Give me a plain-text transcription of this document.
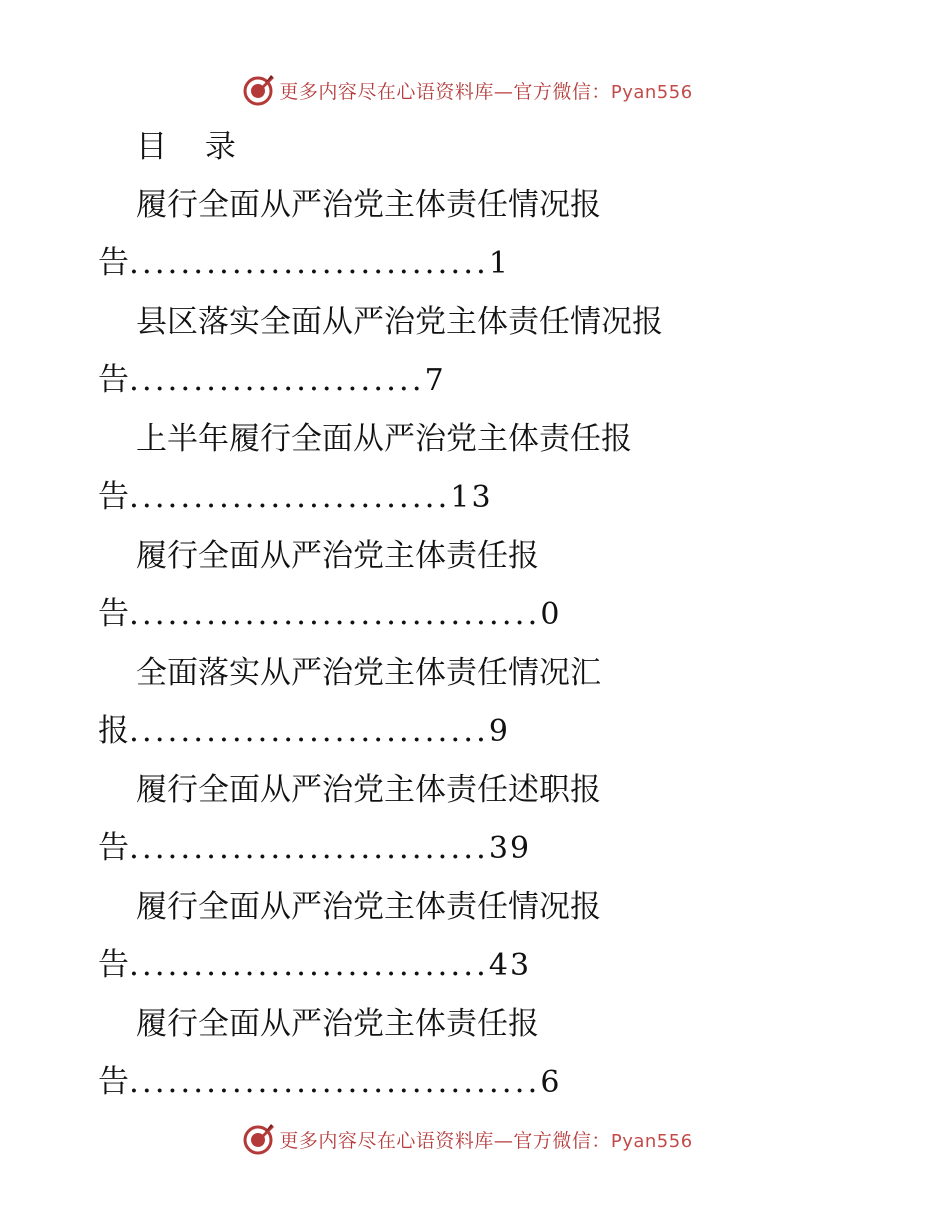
更多内容尽在心语资料库—官方微信：Pyan556
目 录
履行全面从严治党主体责任情况报
告............................1
县区落实全面从严治党主体责任情况报
告.......................7
上半年履行全面从严治党主体责任报
告.........................13
履行全面从严治党主体责任报
告................................0
全面落实从严治党主体责任情况汇
报............................9
履行全面从严治党主体责任述职报
告............................39
履行全面从严治党主体责任情况报
告............................43
履行全面从严治党主体责任报
告................................6
更多内容尽在心语资料库—官方微信：Pyan556
